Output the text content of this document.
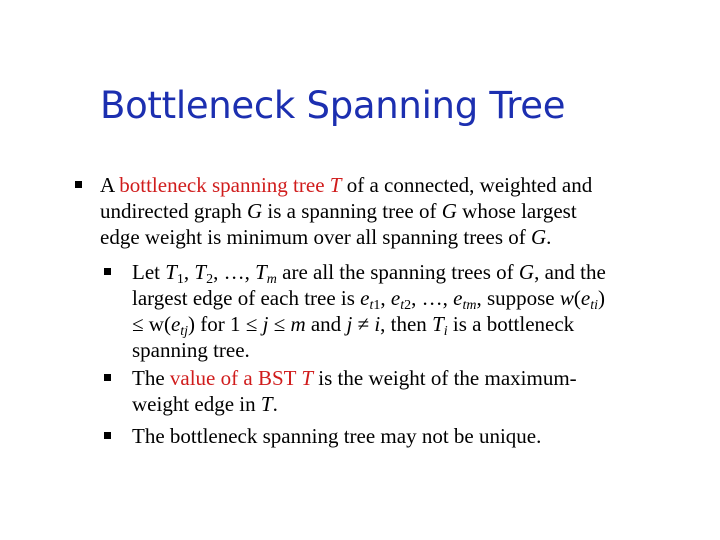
Bottleneck Spanning Tree
A bottleneck spanning tree T of a connected, weighted and
undirected graph G is a spanning tree of G whose largest
edge weight is minimum over all spanning trees of G.
Let $T_1$, $T_2$, …, $T_m$ are all the spanning trees of G, and the
largest edge of each tree is $e_{t1}$, $e_{t2}$, …, $e_{tm}$, suppose $w(e_{ti})$
≤ $w(e_{tj})$ for 1 ≤ j ≤ m and j ≠ i, then $T_i$ is a bottleneck
spanning tree.
The value of a BST T is the weight of the maximum-
weight edge in T.
The bottleneck spanning tree may not be unique.
